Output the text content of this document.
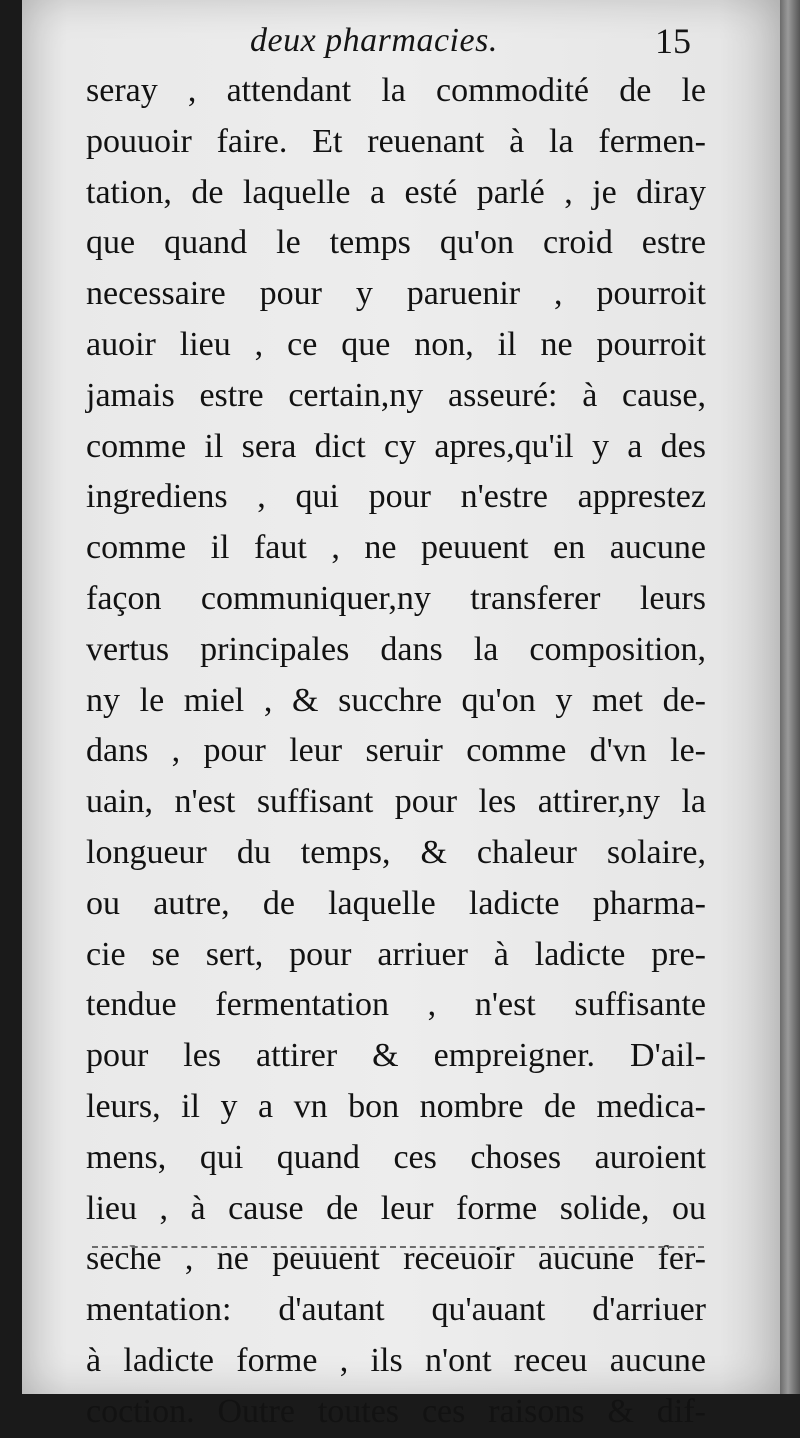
deux pharmacies.	15
seray , attendant la commodité de le
pouuoir faire. Et reuenant à la fermen-
tation, de laquelle a esté parlé , je diray
que quand le temps qu'on croid estre
necessaire pour y paruenir , pourroit
auoir lieu , ce que non, il ne pourroit
jamais estre certain,ny asseuré: à cause,
comme il sera dict cy apres,qu'il y a des
ingrediens , qui pour n'estre apprestez
comme il faut , ne peuuent en aucune
façon communiquer,ny transferer leurs
vertus principales dans la composition,
ny le miel , & succhre qu'on y met de-
dans , pour leur seruir comme d'vn le-
uain, n'est suffisant pour les attirer,ny la
longueur du temps, & chaleur solaire,
ou autre, de laquelle ladicte pharma-
cie se sert, pour arriuer à ladicte pre-
tendue fermentation , n'est suffisante
pour les attirer & empreigner. D'ail-
leurs, il y a vn bon nombre de medica-
mens, qui quand ces choses auroient
lieu , à cause de leur forme solide, ou
seche , ne peuuent receuoir aucune fer-
mentation: d'autant qu'auant d'arriuer
à ladicte forme , ils n'ont receu aucune
coction. Outre toutes ces raisons & dif-
